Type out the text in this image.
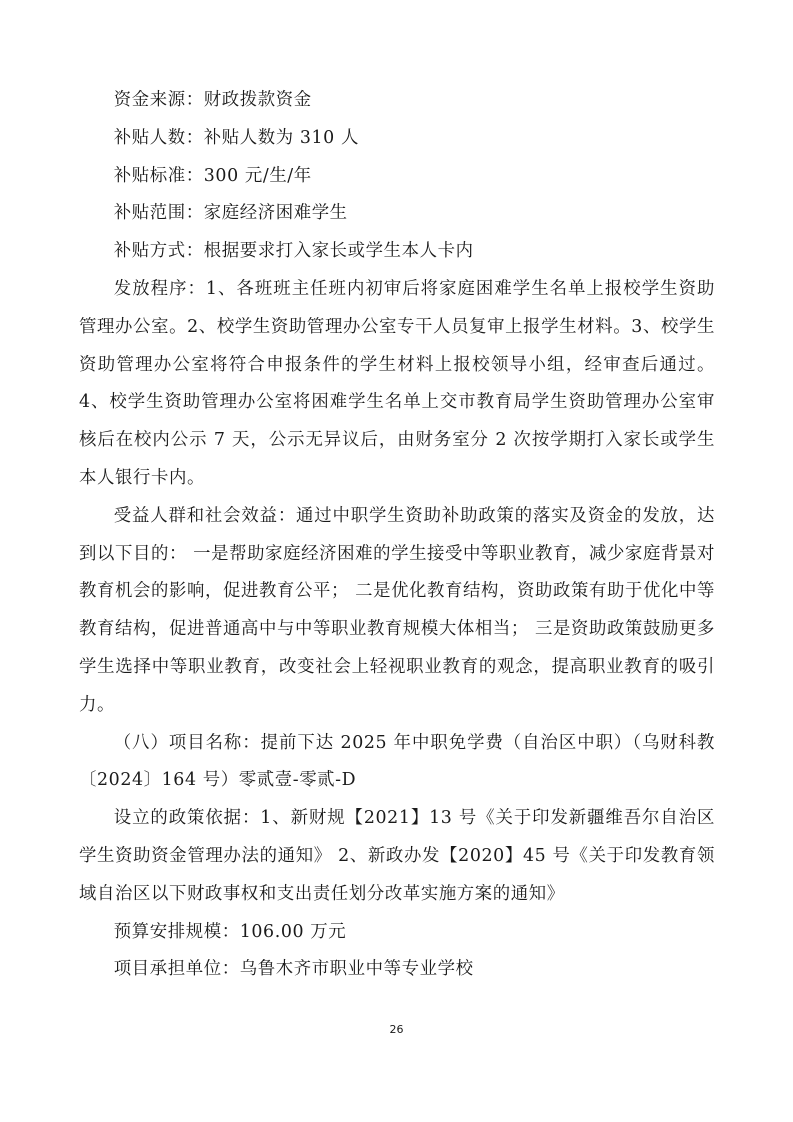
资金来源：财政拨款资金

补贴人数：补贴人数为 310 人

补贴标准：300 元/生/年

补贴范围：家庭经济困难学生

补贴方式：根据要求打入家长或学生本人卡内

发放程序：1、各班班主任班内初审后将家庭困难学生名单上报校学生资助管理办公室。2、校学生资助管理办公室专干人员复审上报学生材料。3、校学生资助管理办公室将符合申报条件的学生材料上报校领导小组，经审查后通过。4、校学生资助管理办公室将困难学生名单上交市教育局学生资助管理办公室审核后在校内公示 7 天，公示无异议后，由财务室分 2 次按学期打入家长或学生本人银行卡内。

受益人群和社会效益：通过中职学生资助补助政策的落实及资金的发放，达到以下目的： 一是帮助家庭经济困难的学生接受中等职业教育，减少家庭背景对教育机会的影响，促进教育公平； 二是优化教育结构，资助政策有助于优化中等教育结构，促进普通高中与中等职业教育规模大体相当； 三是资助政策鼓励更多学生选择中等职业教育，改变社会上轻视职业教育的观念，提高职业教育的吸引力。

（八）项目名称：提前下达 2025 年中职免学费（自治区中职）（乌财科教〔2024〕164 号）零贰壹-零贰-D

设立的政策依据：1、新财规【2021】13 号《关于印发新疆维吾尔自治区学生资助资金管理办法的通知》 2、新政办发【2020】45 号《关于印发教育领域自治区以下财政事权和支出责任划分改革实施方案的通知》

预算安排规模：106.00 万元

项目承担单位：乌鲁木齐市职业中等专业学校

26
